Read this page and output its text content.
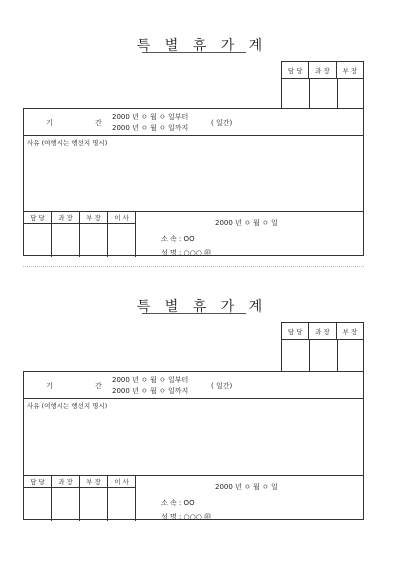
특 별 휴 가 계
담 당	과 장	부 장
기 간
2000 년 ㅇ 월 ㅇ 일부터
2000 년 ㅇ 월 ㅇ 일까지
( 일간)
사유 (여행시는 행선지 명시)
담 당	과 장	부 장	이 사
2000 년 ㅇ 월 ㅇ 일
소 속 : OO
성 명 : ○○○ ㊞
특 별 휴 가 계
담 당	과 장	부 장
기 간
2000 년 ㅇ 월 ㅇ 일부터
2000 년 ㅇ 월 ㅇ 일까지
( 일간)
사유 (여행시는 행선지 명시)
담 당	과 장	부 장	이 사
2000 년 ㅇ 월 ㅇ 일
소 속 : OO
성 명 : ○○○ ㊞
